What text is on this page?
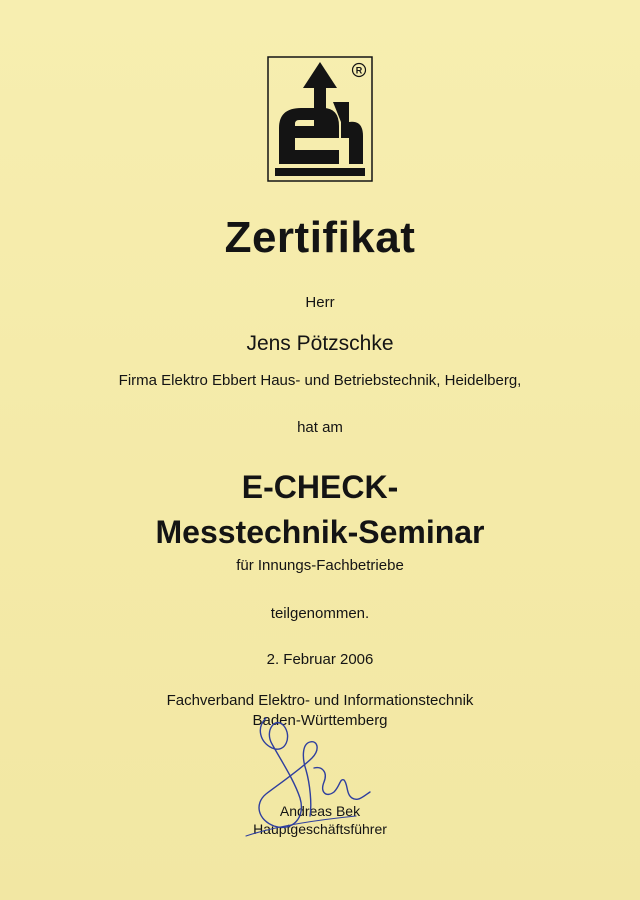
R
Zertifikat
Herr
Jens Pötzschke
Firma Elektro Ebbert Haus- und Betriebstechnik, Heidelberg,
hat am
E-CHECK-
Messtechnik-Seminar
für Innungs-Fachbetriebe
teilgenommen.
2. Februar 2006
Fachverband Elektro- und Informationstechnik
Baden-Württemberg
Andreas Bek
Hauptgeschäftsführer
